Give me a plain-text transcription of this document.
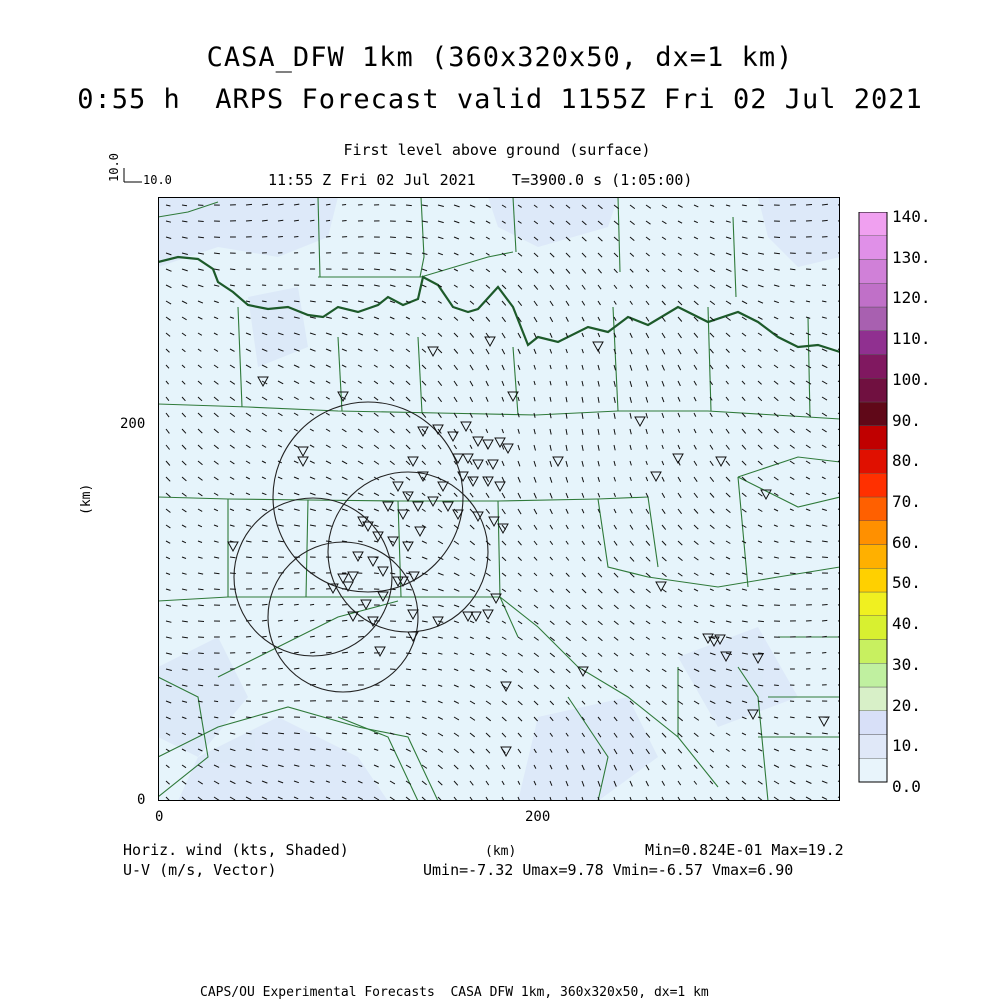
CASA_DFW 1km (360x320x50, dx=1 km)
0:55 h  ARPS Forecast valid 1155Z Fri 02 Jul 2021
First level above ground (surface)
11:55 Z Fri 02 Jul 2021    T=3900.0 s (1:05:00)
10.0 10.0
200
0
0	200
(km)
(km)
140.
130.
120.
110.
100.
90.
80.
70.
60.
50.
40.
30.
20.
10.
0.0
Horiz. wind (kts, Shaded)
U-V (m/s, Vector)
Min=0.824E-01 Max=19.2
Umin=-7.32 Umax=9.78 Vmin=-6.57 Vmax=6.90
CAPS/OU Experimental Forecasts  CASA DFW 1km, 360x320x50, dx=1 km
